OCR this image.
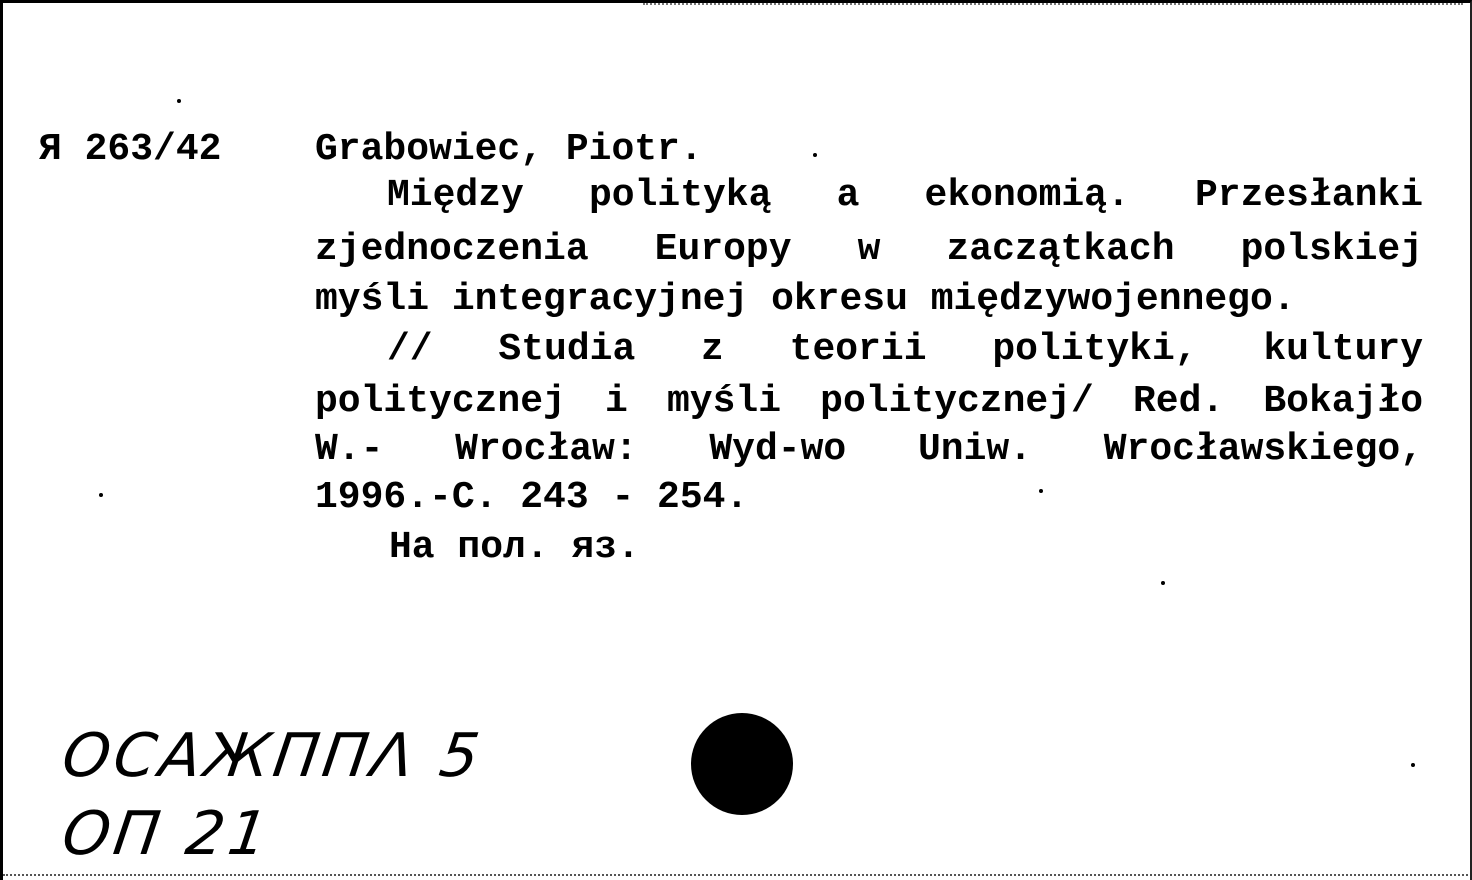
Я 263/42 Grabowiec, Piotr.
Między polityką a ekonomią. Przesłanki
zjednoczenia Europy w zaczątkach polskiej
myśli integracyjnej okresu międzywojennego.
// Studia z teorii polityki, kultury
politycznej i myśli politycznej/ Red. Bokajło
W.- Wrocław: Wyd-wo Uniw. Wrocławskiego,
1996.-C. 243 - 254.
На пол. яз.
OCAЖПΠΛ 5
ОП 21
